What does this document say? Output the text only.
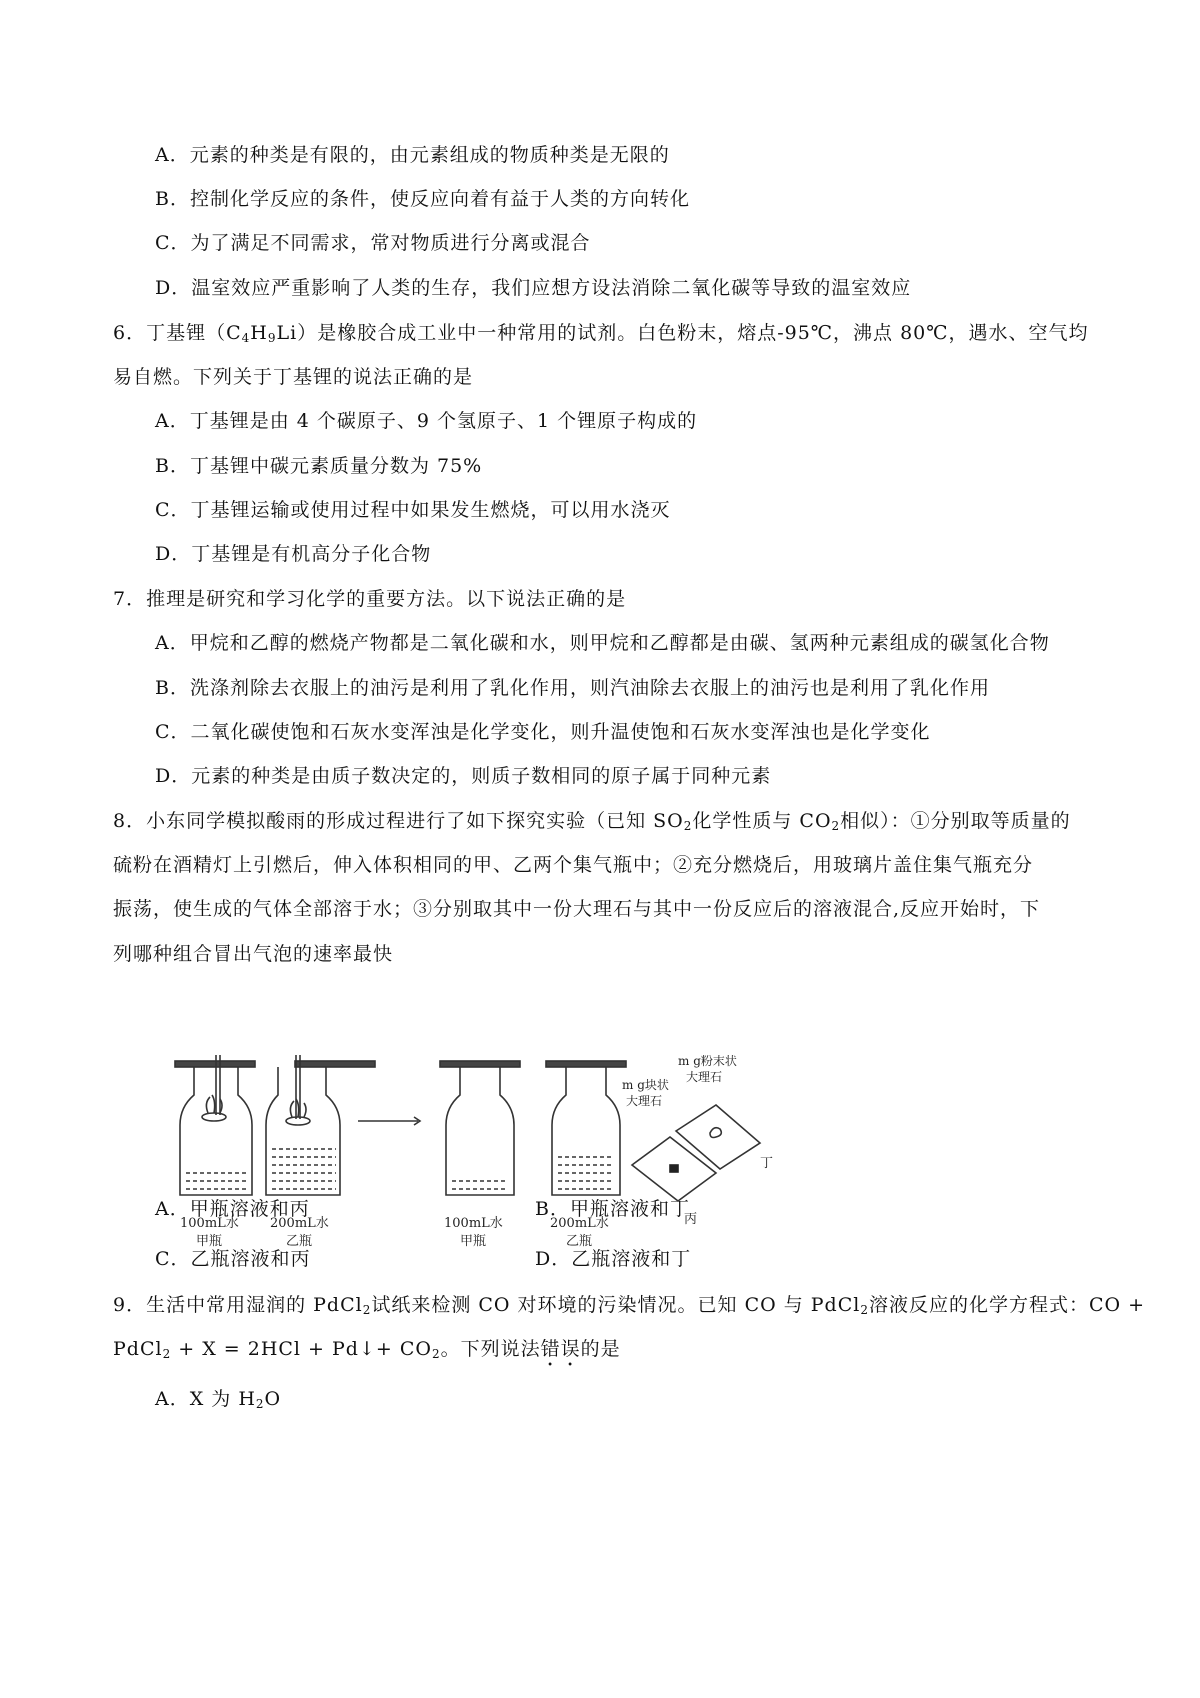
A．元素的种类是有限的，由元素组成的物质种类是无限的
B．控制化学反应的条件，使反应向着有益于人类的方向转化
C．为了满足不同需求，常对物质进行分离或混合
D．温室效应严重影响了人类的生存，我们应想方设法消除二氧化碳等导致的温室效应
6．丁基锂$(C_4H_9Li)$是橡胶合成工业中一种常用的试剂。白色粉末，熔点-95℃，沸点 80℃，遇水、空气均
易自燃。下列关于丁基锂的说法正确的是
A．丁基锂是由 4 个碳原子、9 个氢原子、1 个锂原子构成的
B．丁基锂中碳元素质量分数为 75%
C．丁基锂运输或使用过程中如果发生燃烧，可以用水浇灭
D．丁基锂是有机高分子化合物
7．推理是研究和学习化学的重要方法。以下说法正确的是
A．甲烷和乙醇的燃烧产物都是二氧化碳和水，则甲烷和乙醇都是由碳、氢两种元素组成的碳氢化合物
B．洗涤剂除去衣服上的油污是利用了乳化作用，则汽油除去衣服上的油污也是利用了乳化作用
C．二氧化碳使饱和石灰水变浑浊是化学变化，则升温使饱和石灰水变浑浊也是化学变化
D．元素的种类是由质子数决定的，则质子数相同的原子属于同种元素
8．小东同学模拟酸雨的形成过程进行了如下探究实验（已知 $SO_2$化学性质与 $CO_2$相似）：①分别取等质量的
硫粉在酒精灯上引燃后，伸入体积相同的甲、乙两个集气瓶中；②充分燃烧后，用玻璃片盖住集气瓶充分
振荡，使生成的气体全部溶于水；③分别取其中一份大理石与其中一份反应后的溶液混合,反应开始时，下
列哪种组合冒出气泡的速率最快
100mL水
甲瓶
200mL水
乙瓶
100mL水
甲瓶
200mL水
乙瓶
m g块状
大理石
m g粉末状
大理石
丙
丁
A．甲瓶溶液和丙	B．甲瓶溶液和丁
C．乙瓶溶液和丙	D．乙瓶溶液和丁
9．生活中常用湿润的 PdCl$_2$试纸来检测 CO 对环境的污染情况。已知 CO 与 PdCl$_2$溶液反应的化学方程式：CO +
PdCl$_2$ + X = 2HCl + Pd↓+ $CO_2$。下列说法错误的是
A．X 为 $H_2O$
